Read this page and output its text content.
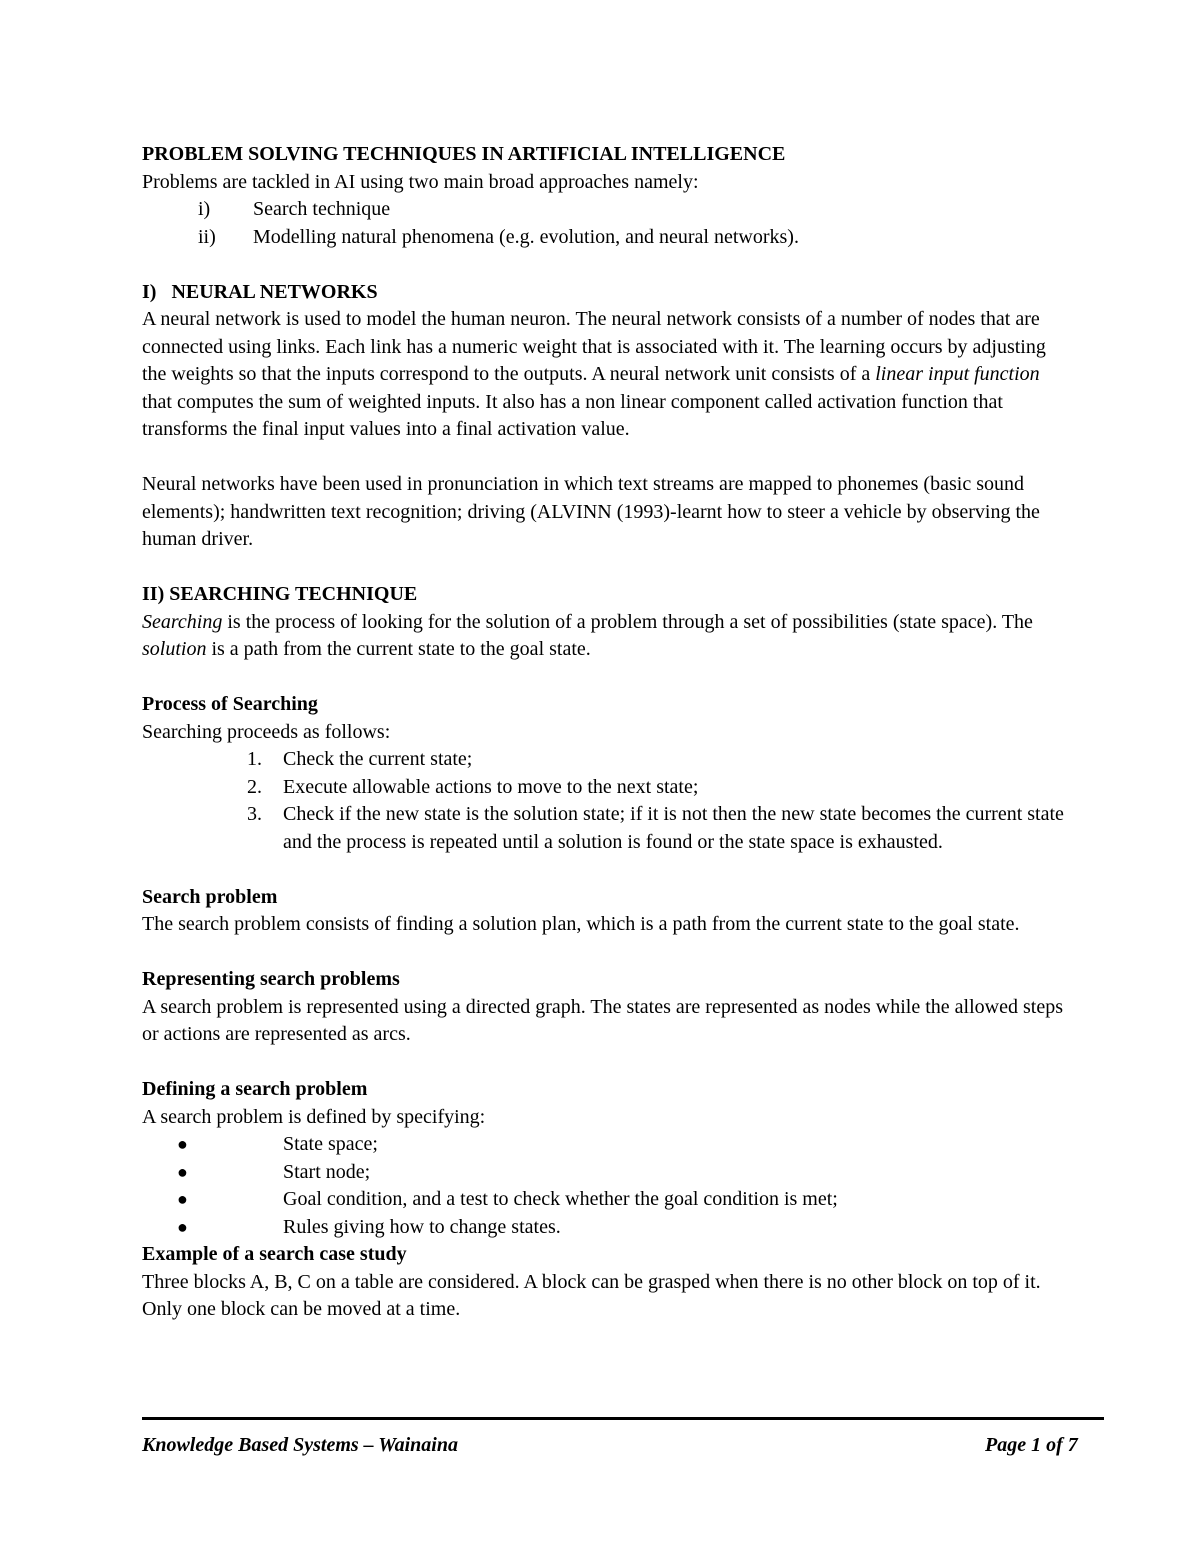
PROBLEM SOLVING TECHNIQUES IN ARTIFICIAL INTELLIGENCE

Problems are tackled in AI using two main broad approaches namely:

i) Search technique
ii) Modelling natural phenomena (e.g. evolution, and neural networks).

I)   NEURAL NETWORKS

A neural network is used to model the human neuron. The neural network consists of a number of nodes that are connected using links. Each link has a numeric weight that is associated with it. The learning occurs by adjusting the weights so that the inputs correspond to the outputs. A neural network unit consists of a linear input function that computes the sum of weighted inputs. It also has a non linear component called activation function that transforms the final input values into a final activation value.

Neural networks have been used in pronunciation in which text streams are mapped to phonemes (basic sound elements); handwritten text recognition; driving (ALVINN (1993)-learnt how to steer a vehicle by observing the human driver.

II) SEARCHING TECHNIQUE

Searching is the process of looking for the solution of a problem through a set of possibilities (state space). The solution is a path from the current state to the goal state.

Process of Searching

Searching proceeds as follows:

1. Check the current state;
2. Execute allowable actions to move to the next state;
3. Check if the new state is the solution state; if it is not then the new state becomes the current state and the process is repeated until a solution is found or the state space is exhausted.

Search problem

The search problem consists of finding a solution plan, which is a path from the current state to the goal state.

Representing search problems

A search problem is represented using a directed graph. The states are represented as nodes while the allowed steps or actions are represented as arcs.

Defining a search problem

A search problem is defined by specifying:

●	State space;
●	Start node;
●	Goal condition, and a test to check whether the goal condition is met;
●	Rules giving how to change states.

Example of a search case study

Three blocks A, B, C on a table are considered. A block can be grasped when there is no other block on top of it. Only one block can be moved at a time.

Knowledge Based Systems – Wainaina	Page 1 of 7
